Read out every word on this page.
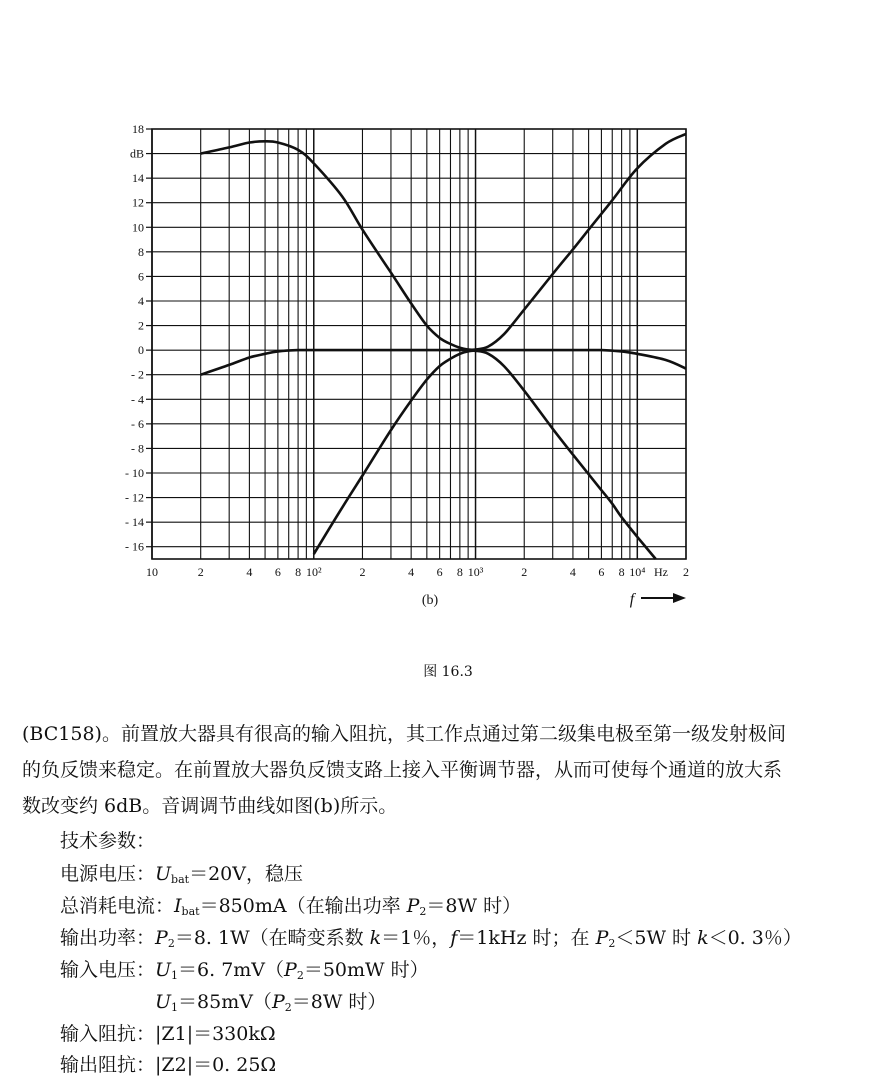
18
dB
14
12
10
8
6
4
2
0
- 2
- 4
- 6
- 8
- 10
- 12
- 14
- 16
10	2	4 6 8 10²	2	4 6 8 10³	2	4 6 8 10⁴	2
Hz
(b)	f
图 16.3
(BC158)。前置放大器具有很高的输入阻抗，其工作点通过第二级集电极至第一级发射极间
的负反馈来稳定。在前置放大器负反馈支路上接入平衡调节器，从而可使每个通道的放大系
数改变约 6dB。音调调节曲线如图(b)所示。
技术参数：
电源电压：$U_{bat}=20V$，稳压
总消耗电流：$I_{bat}=850mA$（在输出功率 $P_2=8W$ 时）
输出功率：$P_2=8$. 1W（在畸变系数 k＝1％，f＝1kHz 时；在 $P_2<5W$ 时 k＜0. 3％）
输入电压：$U_1=6$. $7mV(P_2=50mW$ 时）
$U_1=85mV(P_2=8W$ 时）
输入阻抗：|Z1|＝330kΩ
输出阻抗：|Z2|＝0. 25Ω
